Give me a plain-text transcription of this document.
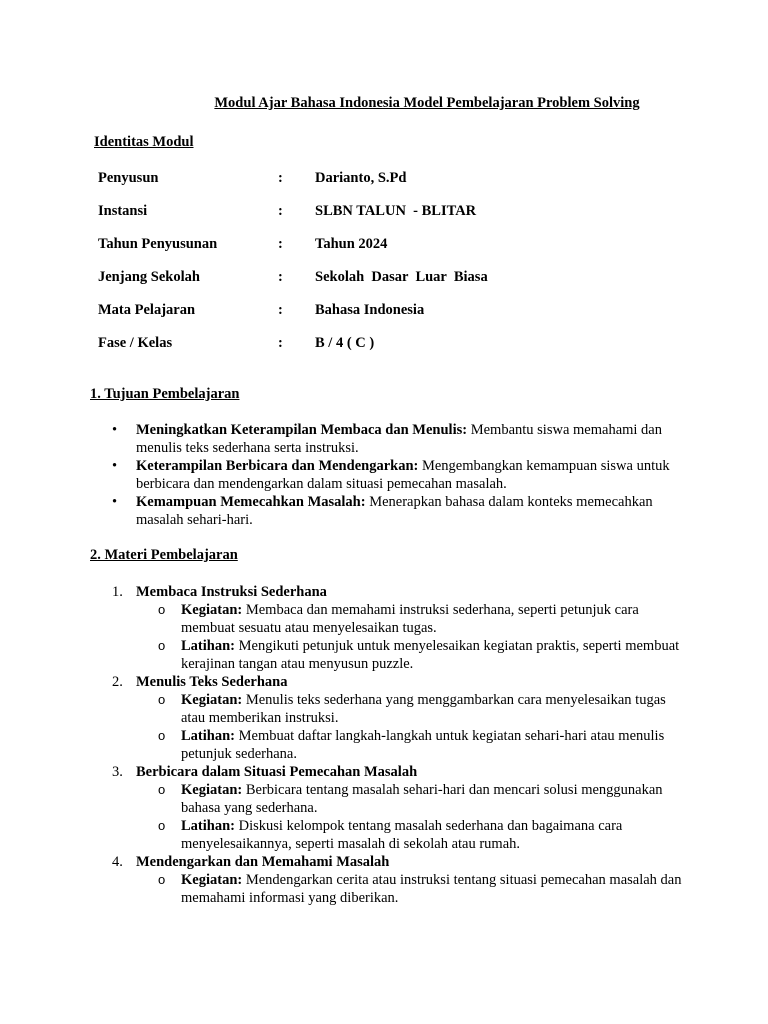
Modul Ajar Bahasa Indonesia Model Pembelajaran Problem Solving
Identitas Modul
Penyusun	: Darianto, S.Pd
Instansi	: SLBN TALUN  - BLITAR
Tahun Penyusunan	: Tahun 2024
Jenjang Sekolah	: Sekolah  Dasar  Luar  Biasa
Mata Pelajaran	: Bahasa Indonesia
Fase / Kelas	: B / 4 ( C )
1. Tujuan Pembelajaran
• Meningkatkan Keterampilan Membaca dan Menulis: Membantu siswa memahami dan menulis teks sederhana serta instruksi.
• Keterampilan Berbicara dan Mendengarkan: Mengembangkan kemampuan siswa untuk berbicara dan mendengarkan dalam situasi pemecahan masalah.
• Kemampuan Memecahkan Masalah: Menerapkan bahasa dalam konteks memecahkan masalah sehari-hari.
2. Materi Pembelajaran
1. Membaca Instruksi Sederhana
o Kegiatan: Membaca dan memahami instruksi sederhana, seperti petunjuk cara membuat sesuatu atau menyelesaikan tugas.
o Latihan: Mengikuti petunjuk untuk menyelesaikan kegiatan praktis, seperti membuat kerajinan tangan atau menyusun puzzle.
2. Menulis Teks Sederhana
o Kegiatan: Menulis teks sederhana yang menggambarkan cara menyelesaikan tugas atau memberikan instruksi.
o Latihan: Membuat daftar langkah-langkah untuk kegiatan sehari-hari atau menulis petunjuk sederhana.
3. Berbicara dalam Situasi Pemecahan Masalah
o Kegiatan: Berbicara tentang masalah sehari-hari dan mencari solusi menggunakan bahasa yang sederhana.
o Latihan: Diskusi kelompok tentang masalah sederhana dan bagaimana cara menyelesaikannya, seperti masalah di sekolah atau rumah.
4. Mendengarkan dan Memahami Masalah
o Kegiatan: Mendengarkan cerita atau instruksi tentang situasi pemecahan masalah dan memahami informasi yang diberikan.
